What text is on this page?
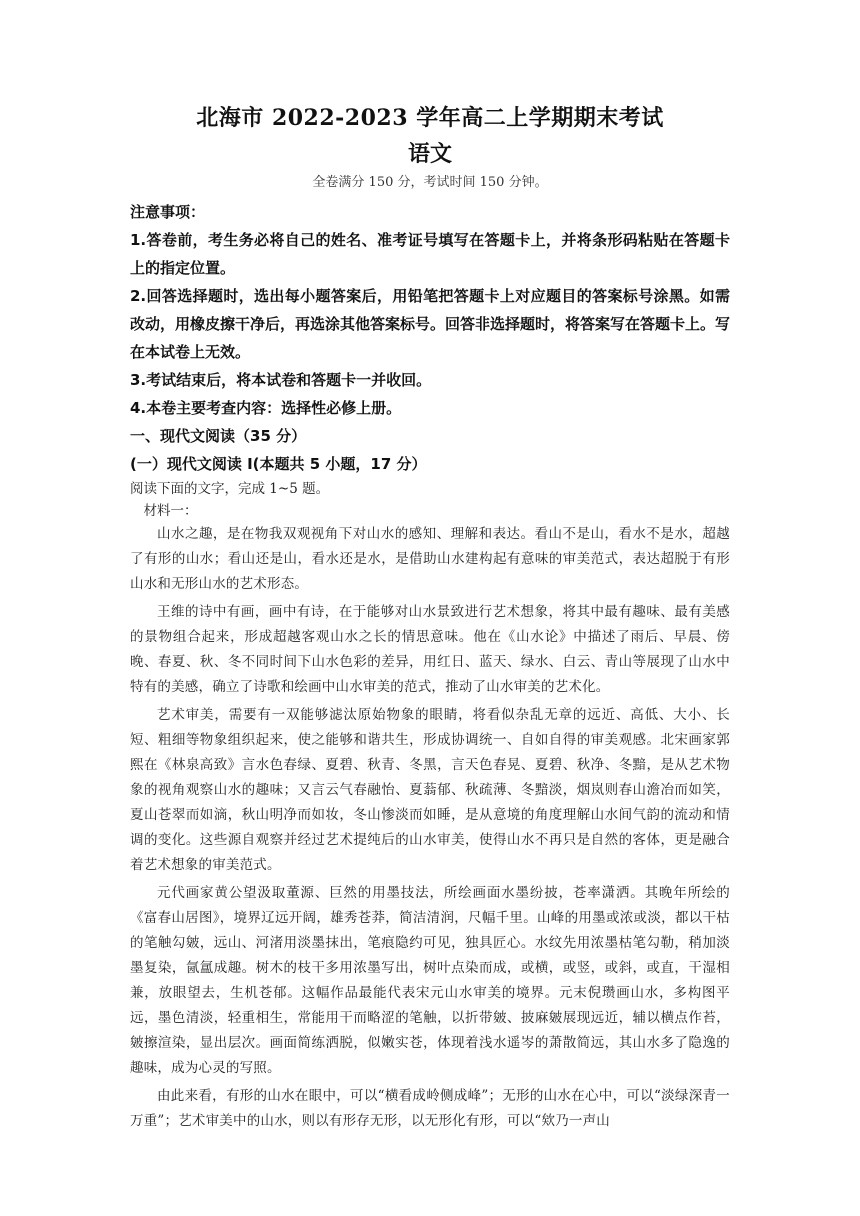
北海市 2022-2023 学年高二上学期期末考试

语文

全卷满分 150 分，考试时间 150 分钟。

注意事项：

1.答卷前，考生务必将自己的姓名、准考证号填写在答题卡上，并将条形码粘贴在答题卡上的指定位置。

2.回答选择题时，选出每小题答案后，用铅笔把答题卡上对应题目的答案标号涂黑。如需改动，用橡皮擦干净后，再选涂其他答案标号。回答非选择题时，将答案写在答题卡上。写在本试卷上无效。

3.考试结束后，将本试卷和答题卡一并收回。

4.本卷主要考查内容：选择性必修上册。

一、现代文阅读（35 分）

(一）现代文阅读 I(本题共 5 小题，17 分）

阅读下面的文字，完成 1~5 题。

材料一：

山水之趣，是在物我双观视角下对山水的感知、理解和表达。看山不是山，看水不是水，超越了有形的山水；看山还是山，看水还是水，是借助山水建构起有意味的审美范式，表达超脱于有形山水和无形山水的艺术形态。

王维的诗中有画，画中有诗，在于能够对山水景致进行艺术想象，将其中最有趣味、最有美感的景物组合起来，形成超越客观山水之长的情思意味。他在《山水论》中描述了雨后、早晨、傍晚、春夏、秋、冬不同时间下山水色彩的差异，用红日、蓝天、绿水、白云、青山等展现了山水中特有的美感，确立了诗歌和绘画中山水审美的范式，推动了山水审美的艺术化。

艺术审美，需要有一双能够滤汰原始物象的眼睛，将看似杂乱无章的远近、高低、大小、长短、粗细等物象组织起来，使之能够和谐共生，形成协调统一、自如自得的审美观感。北宋画家郭熙在《林泉高致》言水色春绿、夏碧、秋青、冬黑，言天色春晃、夏碧、秋净、冬黯，是从艺术物象的视角观察山水的趣味；又言云气春融怡、夏蓊郁、秋疏薄、冬黯淡，烟岚则春山澹冶而如笑，夏山苍翠而如滴，秋山明净而如妆，冬山惨淡而如睡，是从意境的角度理解山水间气韵的流动和情调的变化。这些源自观察并经过艺术提纯后的山水审美，使得山水不再只是自然的客体，更是融合着艺术想象的审美范式。

元代画家黄公望汲取董源、巨然的用墨技法，所绘画面水墨纷披，苍率潇洒。其晚年所绘的《富春山居图》，境界辽远开阔，雄秀苍莽，简洁清润，尺幅千里。山峰的用墨或浓或淡，都以干枯的笔触勾皴，远山、河渚用淡墨抹出，笔痕隐约可见，独具匠心。水纹先用浓墨枯笔勾勒，稍加淡墨复染，氤氲成趣。树木的枝干多用浓墨写出，树叶点染而成，或横，或竖，或斜，或直，干湿相兼，放眼望去，生机苍郁。这幅作品最能代表宋元山水审美的境界。元末倪瓒画山水，多构图平远，墨色清淡，轻重相生，常能用干而略涩的笔触，以折带皴、披麻皴展现远近，辅以横点作苔，皴擦渲染，显出层次。画面简练洒脱，似嫩实苍，体现着浅水遥岑的萧散简远，其山水多了隐逸的趣味，成为心灵的写照。

由此来看，有形的山水在眼中，可以“横看成岭侧成峰”；无形的山水在心中，可以“淡绿深青一万重”；艺术审美中的山水，则以有形存无形，以无形化有形，可以“欸乃一声山
